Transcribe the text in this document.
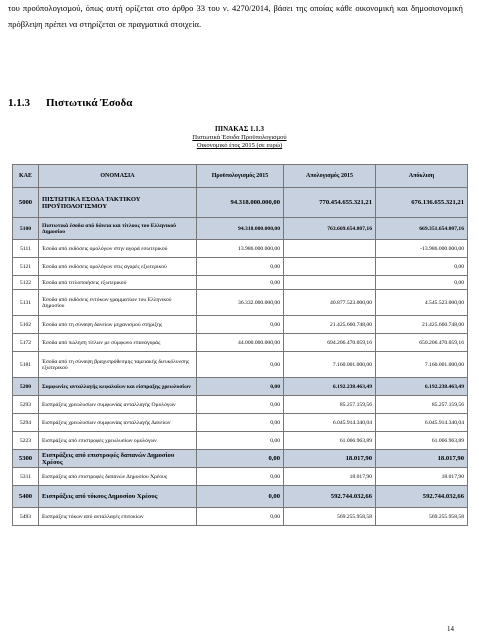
του προϋπολογισμού, όπως αυτή ορίζεται στο άρθρο 33 του ν. 4270/2014, βάσει της οποίας κάθε οικονομική και δημοσιονομική πρόβλεψη πρέπει να στηρίζεται σε πραγματικά στοιχεία.
1.1.3 Πιστωτικά Έσοδα
ΠΙΝΑΚΑΣ 1.1.3
Πιστωτικά Έσοδα Προϋπολογισμού
Οικονομικό έτος 2015 (σε ευρώ)
ΚΑΕ	ΟΝΟΜΑΣΙΑ	Προϋπολογισμός 2015	Απολογισμός 2015	Απόκλιση
5000	ΠΙΣΤΩΤΙΚΑ ΕΣΟΔΑ ΤΑΚΤΙΚΟΥ ΠΡΟΫΠΟΛΟΓΙΣΜΟΥ	94.318.000.000,00	770.454.655.321,21	676.136.655.321,21
5100	Πιστωτικά έσοδα από δάνεια και τίτλους του Ελληνικού Δημοσίου	94.318.000.000,00	763.669.654.807,16	669.351.654.807,16
5111	Έσοδα από εκδόσεις ομολόγων στην αγορά εσωτερικού	13.986.000.000,00		-13.986.000.000,00
5121	Έσοδα από εκδόσεις ομολόγων στις αγορές εξωτερικού	0,00		0,00
5122	Έσοδα από τιτλοποιήσεις εξωτερικού	0,00		0,00
5131	Έσοδα από εκδόσεις εντόκων γραμματίων του Ελληνικού Δημοσίου	36.332.000.000,00	40.877.523.000,00	4.545.523.000,00
5162	Έσοδα από τη σύναψη δανείων μηχανισμού στήριξης	0,00	21.425.660.748,00	21.425.660.748,00
5172	Έσοδα από πώληση τίτλων με σύμφωνο επαναγοράς	44.000.000.000,00	694.206.470.059,16	650.206.470.059,16
5181	Έσοδα από τη σύναψη βραχυπρόθεσμης ταμειακής διευκόλυνσης εξωτερικού	0,00	7.160.001.000,00	7.160.001.000,00
5200	Συμφωνίες ανταλλαγής κεφαλαίων και είσπραξης χρεωλυσίων	0,00	6.192.238.463,49	6.192.238.463,49
5293	Εισπράξεις χρεωλυσίων συμφωνίας ανταλλαγής Ομολόγων	0,00	85.257.159,56	85.257.159,56
5294	Εισπράξεις χρεωλυσίων συμφωνίας ανταλλαγής Δανείων	0,00	6.045.914.340,04	6.045.914.340,04
5223	Εισπράξεις από επιστροφές χρεωλυσίων ομολόγων	0,00	61.066.963,89	61.066.963,89
5300	Εισπράξεις από επιστροφές δαπανών Δημοσίου Χρέους	0,00	18.017,90	18.017,90
5311	Εισπράξεις από επιστροφές δαπανών Δημοσίου Χρέους	0,00	18.017,90	18.017,90
5400	Εισπράξεις από τόκους Δημοσίου Χρέους	0,00	592.744.032,66	592.744.032,66
5493	Εισπράξεις τόκων από ανταλλαγές επιτοκίων	0,00	569.255.958,58	569.255.958,58
14
